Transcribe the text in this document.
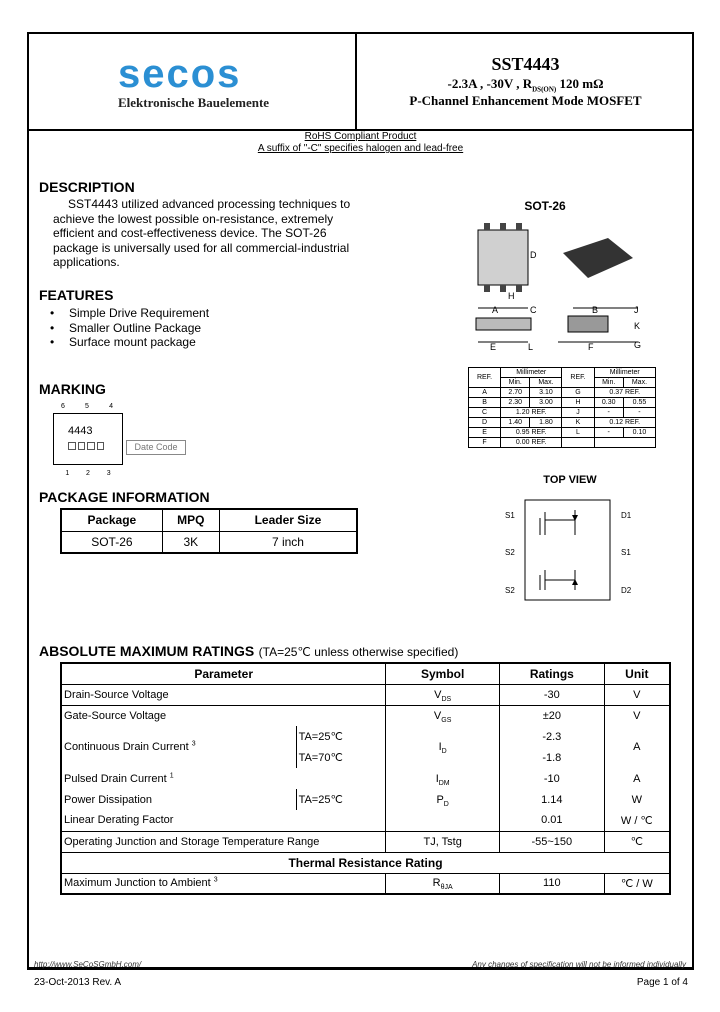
secos
Elektronische Bauelemente
SST4443
-2.3A , -30V , $R_{DS(ON)}$ 120 mΩ
P-Channel Enhancement Mode MOSFET
RoHS Compliant Product
A suffix of "-C" specifies halogen and lead-free
DESCRIPTION
SST4443 utilized advanced processing techniques to achieve the lowest possible on-resistance, extremely efficient and cost-effectiveness device. The SOT-26 package is universally used for all commercial-industrial applications.
FEATURES
• Simple Drive Requirement
• Smaller Outline Package
• Surface mount package
MARKING
6	5	4
4443
1 2 3
Date Code
PACKAGE INFORMATION
Package	MPQ	Leader Size
SOT-26	3K	7 inch
SOT-26
D
H
A	C	B	J
K
G
E	L	F
REF.	Millimeter		REF.	Millimeter	
	Min.	Max.		Min.	Max.
A	2.70	3.10	G	0.37 REF.	
B	2.30	3.00	H	0.30	0.55
C	1.20 REF.		J	-	-
D	1.40	1.80	K	0.12 REF.	
E	0.95 REF.		L	-	0.10
F	0.00 REF.				
TOP VIEW
S1
S2
S2
D1
S1
D2
ABSOLUTE MAXIMUM RATINGS (TA=25℃ unless otherwise specified)
Parameter		Symbol	Ratings	Unit
Drain-Source Voltage		$V_{DS}$	-30	V
Gate-Source Voltage		$V_{GS}$	±20	V
Continuous Drain Current $^3$	TA=25℃	$I_D$	-2.3	A
	TA=70℃		-1.8	
Pulsed Drain Current $^1$		$I_{DM}$	-10	A
Power Dissipation	TA=25℃	$P_D$	1.14	W
Linear Derating Factor			0.01	W / ℃
Operating Junction and Storage Temperature Range		TJ, Tstg	-55~150	℃
Thermal Resistance Rating				
Maximum Junction to Ambient $^3$		$R_{\theta JA}$	110	℃ / W
http://www.SeCoSGmbH.com/	Any changes of specification will not be informed individually
23-Oct-2013 Rev. A	Page 1 of 4
